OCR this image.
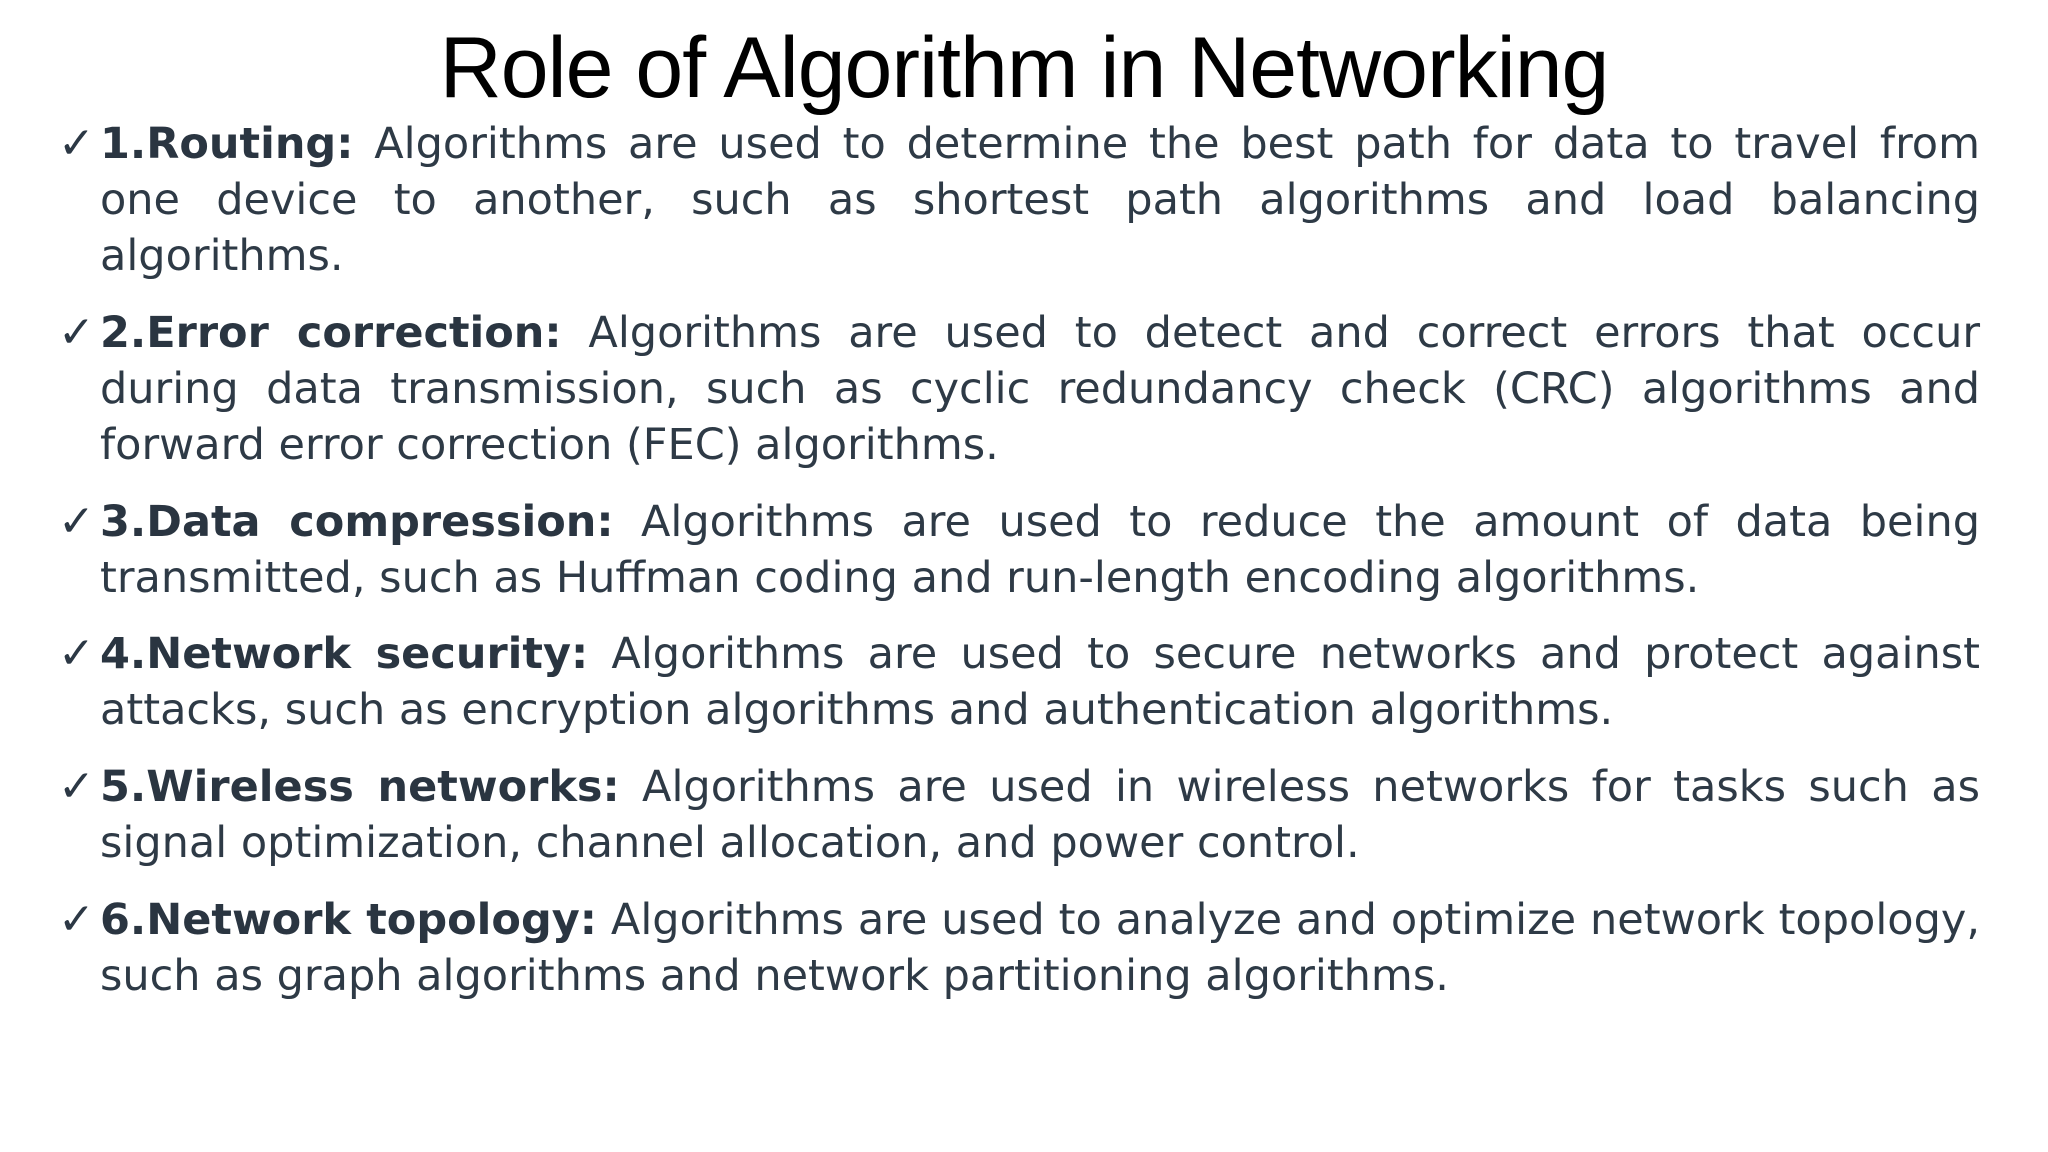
Role of Algorithm in Networking
✓ 1.Routing: Algorithms are used to determine the best path for data to travel from one device to another, such as shortest path algorithms and load balancing algorithms.
✓ 2.Error correction: Algorithms are used to detect and correct errors that occur during data transmission, such as cyclic redundancy check (CRC) algorithms and forward error correction (FEC) algorithms.
✓ 3.Data compression: Algorithms are used to reduce the amount of data being transmitted, such as Huffman coding and run-length encoding algorithms.
✓ 4.Network security: Algorithms are used to secure networks and protect against attacks, such as encryption algorithms and authentication algorithms.
✓ 5.Wireless networks: Algorithms are used in wireless networks for tasks such as signal optimization, channel allocation, and power control.
✓ 6.Network topology: Algorithms are used to analyze and optimize network topology, such as graph algorithms and network partitioning algorithms.
